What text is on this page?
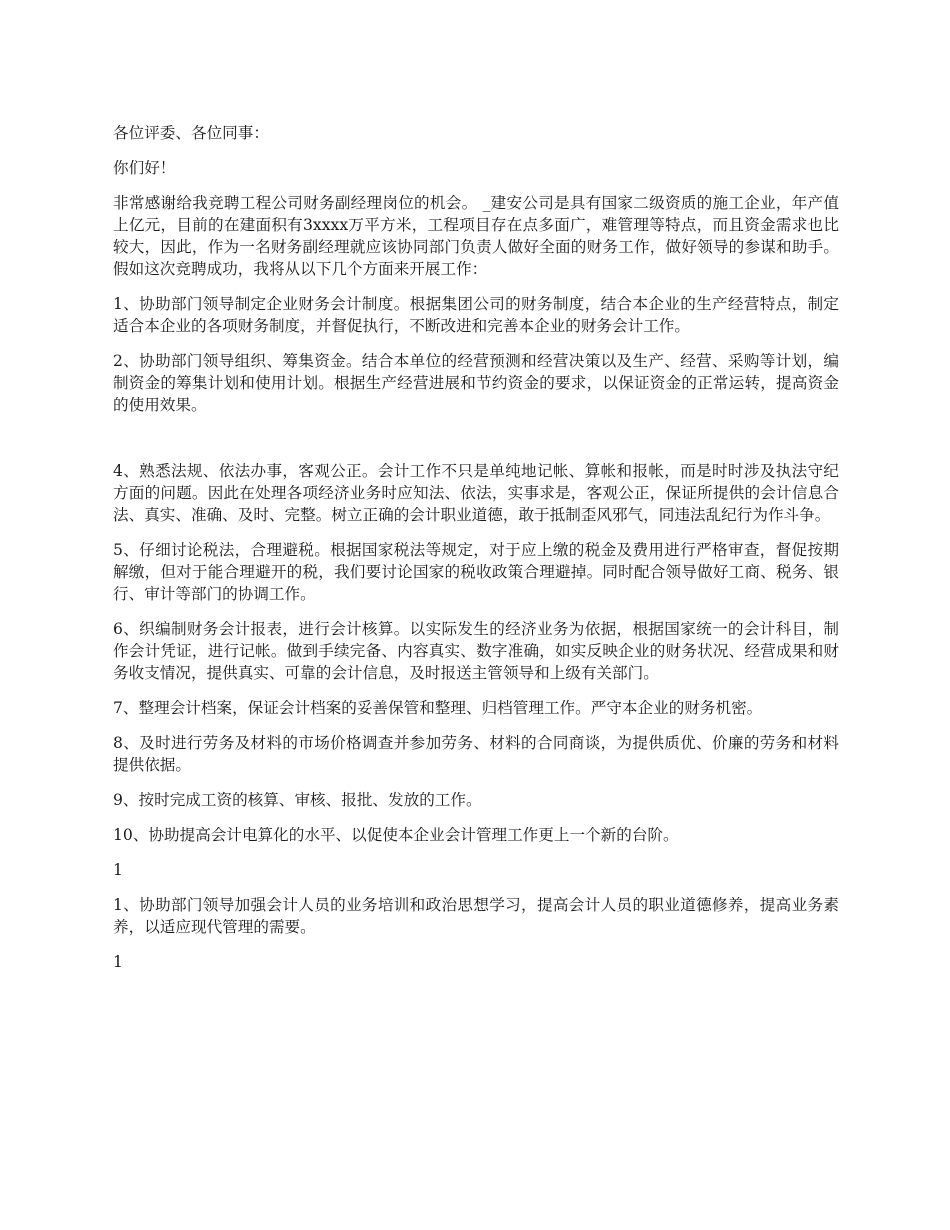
各位评委、各位同事：

你们好！

非常感谢给我竞聘工程公司财务副经理岗位的机会。 _建安公司是具有国家二级资质的施工企业，年产值上亿元，目前的在建面积有3xxxx万平方米，工程项目存在点多面广，难管理等特点，而且资金需求也比较大，因此，作为一名财务副经理就应该协同部门负责人做好全面的财务工作，做好领导的参谋和助手。假如这次竞聘成功，我将从以下几个方面来开展工作：

1、协助部门领导制定企业财务会计制度。根据集团公司的财务制度，结合本企业的生产经营特点，制定适合本企业的各项财务制度，并督促执行，不断改进和完善本企业的财务会计工作。

2、协助部门领导组织、筹集资金。结合本单位的经营预测和经营决策以及生产、经营、采购等计划，编制资金的筹集计划和使用计划。根据生产经营进展和节约资金的要求，以保证资金的正常运转，提高资金的使用效果。

4、熟悉法规、依法办事，客观公正。会计工作不只是单纯地记帐、算帐和报帐，而是时时涉及执法守纪方面的问题。因此在处理各项经济业务时应知法、依法，实事求是，客观公正，保证所提供的会计信息合法、真实、准确、及时、完整。树立正确的会计职业道德，敢于抵制歪风邪气，同违法乱纪行为作斗争。

5、仔细讨论税法，合理避税。根据国家税法等规定，对于应上缴的税金及费用进行严格审查，督促按期解缴，但对于能合理避开的税，我们要讨论国家的税收政策合理避掉。同时配合领导做好工商、税务、银行、审计等部门的协调工作。

6、织编制财务会计报表，进行会计核算。以实际发生的经济业务为依据，根据国家统一的会计科目，制作会计凭证，进行记帐。做到手续完备、内容真实、数字准确，如实反映企业的财务状况、经营成果和财务收支情况，提供真实、可靠的会计信息，及时报送主管领导和上级有关部门。

7、整理会计档案，保证会计档案的妥善保管和整理、归档管理工作。严守本企业的财务机密。

8、及时进行劳务及材料的市场价格调查并参加劳务、材料的合同商谈，为提供质优、价廉的劳务和材料提供依据。

9、按时完成工资的核算、审核、报批、发放的工作。

10、协助提高会计电算化的水平、以促使本企业会计管理工作更上一个新的台阶。

1

1、协助部门领导加强会计人员的业务培训和政治思想学习，提高会计人员的职业道德修养，提高业务素养，以适应现代管理的需要。

1
